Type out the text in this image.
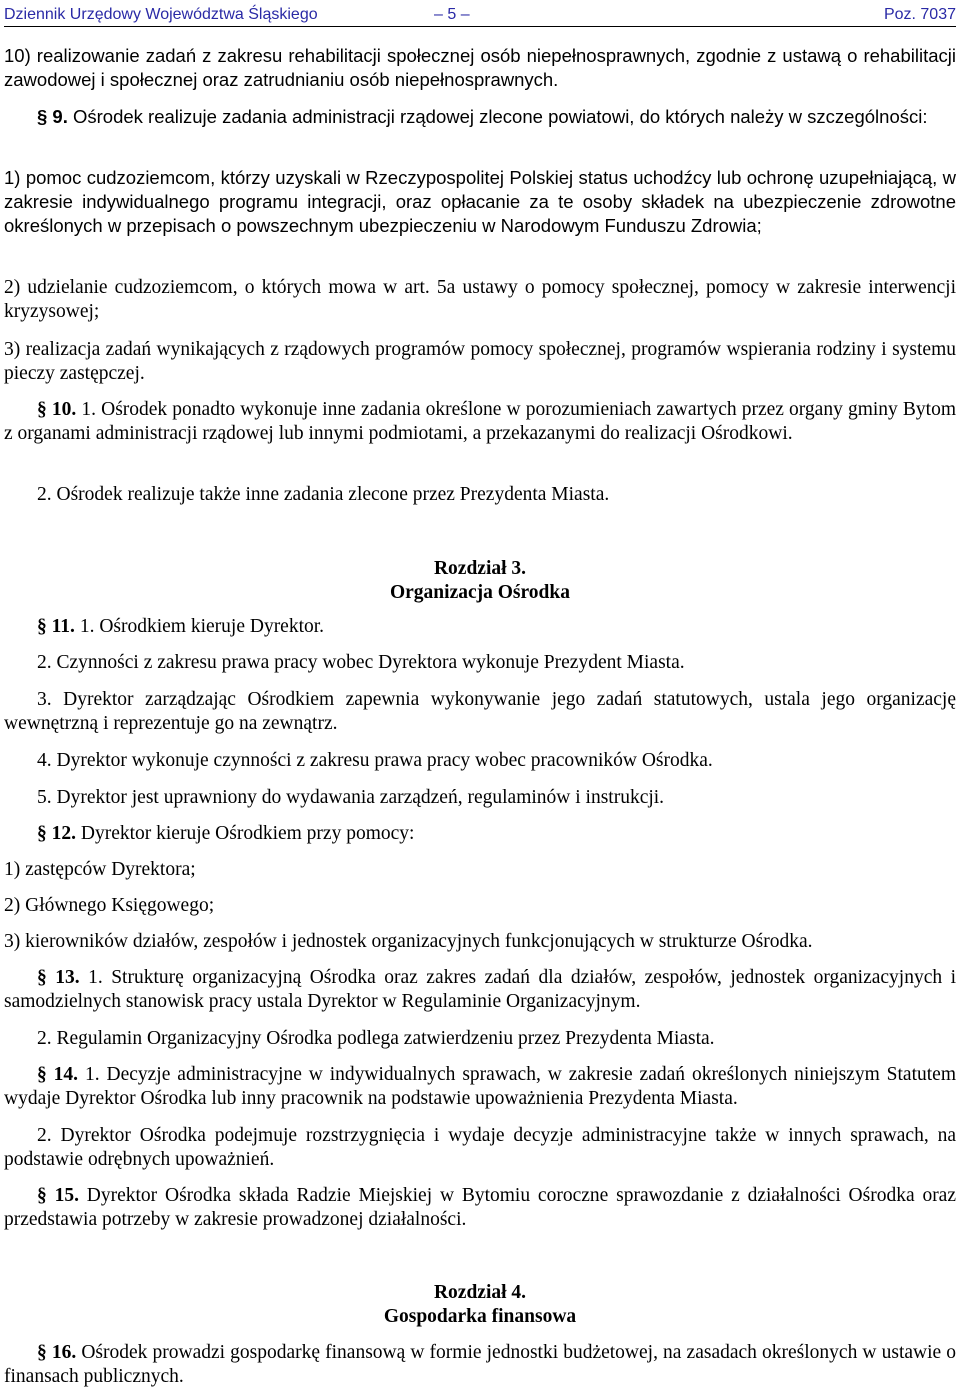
Dziennik Urzędowy Województwa Śląskiego	– 5 –	Poz. 7037

10) realizowanie zadań z zakresu rehabilitacji społecznej osób niepełnosprawnych, zgodnie z ustawą o rehabilitacji zawodowej i społecznej oraz zatrudnianiu osób niepełnosprawnych.

§ 9. Ośrodek realizuje zadania administracji rządowej zlecone powiatowi, do których należy w szczególności:

1) pomoc cudzoziemcom, którzy uzyskali w Rzeczypospolitej Polskiej status uchodźcy lub ochronę uzupełniającą, w zakresie indywidualnego programu integracji, oraz opłacanie za te osoby składek na ubezpieczenie zdrowotne określonych w przepisach o powszechnym ubezpieczeniu w Narodowym Funduszu Zdrowia;

2) udzielanie cudzoziemcom, o których mowa w art. 5a ustawy o pomocy społecznej, pomocy w zakresie interwencji kryzysowej;

3) realizacja zadań wynikających z rządowych programów pomocy społecznej, programów wspierania rodziny i systemu pieczy zastępczej.

§ 10. 1. Ośrodek ponadto wykonuje inne zadania określone w porozumieniach zawartych przez organy gminy Bytom z organami administracji rządowej lub innymi podmiotami, a przekazanymi do realizacji Ośrodkowi.

2. Ośrodek realizuje także inne zadania zlecone przez Prezydenta Miasta.

Rozdział 3.
Organizacja Ośrodka

§ 11. 1. Ośrodkiem kieruje Dyrektor.

2. Czynności z zakresu prawa pracy wobec Dyrektora wykonuje Prezydent Miasta.

3. Dyrektor zarządzając Ośrodkiem zapewnia wykonywanie jego zadań statutowych, ustala jego organizację wewnętrzną i reprezentuje go na zewnątrz.

4. Dyrektor wykonuje czynności z zakresu prawa pracy wobec pracowników Ośrodka.

5. Dyrektor jest uprawniony do wydawania zarządzeń, regulaminów i instrukcji.

§ 12. Dyrektor kieruje Ośrodkiem przy pomocy:

1) zastępców Dyrektora;

2) Głównego Księgowego;

3) kierowników działów, zespołów i jednostek organizacyjnych funkcjonujących w strukturze Ośrodka.

§ 13. 1. Strukturę organizacyjną Ośrodka oraz zakres zadań dla działów, zespołów, jednostek organizacyjnych i samodzielnych stanowisk pracy ustala Dyrektor w Regulaminie Organizacyjnym.

2. Regulamin Organizacyjny Ośrodka podlega zatwierdzeniu przez Prezydenta Miasta.

§ 14. 1. Decyzje administracyjne w indywidualnych sprawach, w zakresie zadań określonych niniejszym Statutem wydaje Dyrektor Ośrodka lub inny pracownik na podstawie upoważnienia Prezydenta Miasta.

2. Dyrektor Ośrodka podejmuje rozstrzygnięcia i wydaje decyzje administracyjne także w innych sprawach, na podstawie odrębnych upoważnień.

§ 15. Dyrektor Ośrodka składa Radzie Miejskiej w Bytomiu coroczne sprawozdanie z działalności Ośrodka oraz przedstawia potrzeby w zakresie prowadzonej działalności.

Rozdział 4.
Gospodarka finansowa

§ 16. Ośrodek prowadzi gospodarkę finansową w formie jednostki budżetowej, na zasadach określonych w ustawie o finansach publicznych.
